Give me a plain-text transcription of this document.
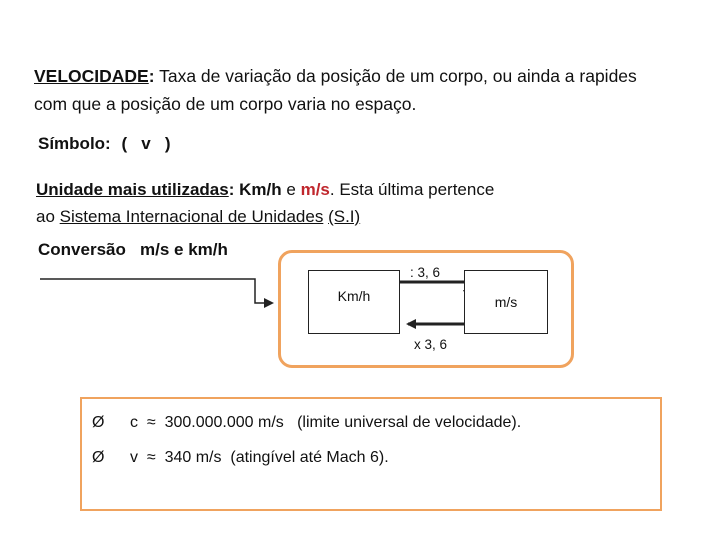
VELOCIDADE: Taxa de variação da posição de um corpo, ou ainda a rapides
com que a posição de um corpo varia no espaço.
Símbolo: (   v   )
Unidade mais utilizadas: Km/h e m/s. Esta última pertence
ao Sistema Internacional de Unidades (S.I)
Conversão   m/s e km/h
Km/h	m/s
: 3, 6
x 3, 6
Ø c  ≈  300.000.000 m/s   (limite universal de velocidade).
Ø v  ≈  340 m/s  (atingível até Mach 6).
